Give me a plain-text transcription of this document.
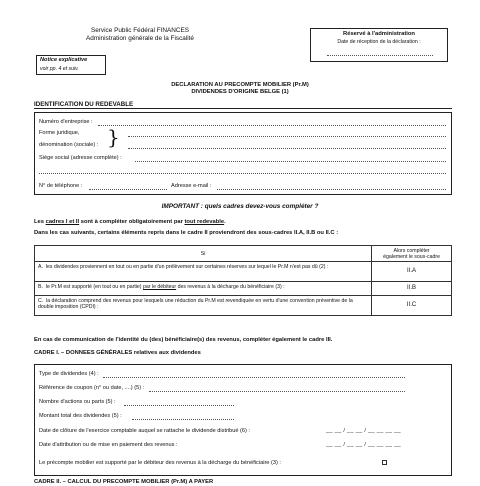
Service Public Fédéral FINANCES
Administration générale de la Fiscalité
Réservé à l'administration
Date de réception de la déclaration :
Notice explicative
voir pp. 4 et suiv.
DECLARATION AU PRECOMPTE MOBILIER (Pr.M)
DIVIDENDES D'ORIGINE BELGE (1)
IDENTIFICATION DU REDEVABLE
Numéro d'entreprise :
Forme juridique, }
dénomination (sociale) :
Siège social (adresse complète) :
N° de téléphone :	Adresse e-mail :
IMPORTANT : quels cadres devez-vous compléter ?
Les cadres I et II sont à compléter obligatoirement par tout redevable.
Dans les cas suivants, certains éléments repris dans le cadre II proviendront des sous-cadres II.A, II.B ou II.C :
Si	Alors compléter
également le sous-cadre

A. les dividendes proviennent en tout ou en partie d'un prélèvement sur certaines réserves sur lequel le Pr.M n'est pas dû (2) :	II.A
B. le Pr.M est supporté (en tout ou en partie) par le débiteur des revenus à la décharge du bénéficiaire (3) :	II.B
C. la déclaration comprend des revenus pour lesquels une réduction du Pr.M est revendiquée en vertu d'une convention préventive de la double imposition (CPDI) :	II.C
En cas de communication de l'identité du (des) bénéficiaire(s) des revenus, compléter également le cadre III.
CADRE I. – DONNEES GÉNÉRALES relatives aux dividendes
Type de dividendes (4) :
Référence de coupon (n° ou date, ....) (5) :
Nombre d'actions ou parts (5) :
Montant total des dividendes (5) :
Date de clôture de l'exercice comptable auquel se rattache le dividende distribué (6) :	__ __ / __ __ / __ __ __ __
Date d'attribution ou de mise en paiement des revenus :	__ __ / __ __ / __ __ __ __
Le précompte mobilier est supporté par le débiteur des revenus à la décharge du bénéficiaire (3) :
CADRE II. – CALCUL DU PRECOMPTE MOBILIER (Pr.M) A PAYER
